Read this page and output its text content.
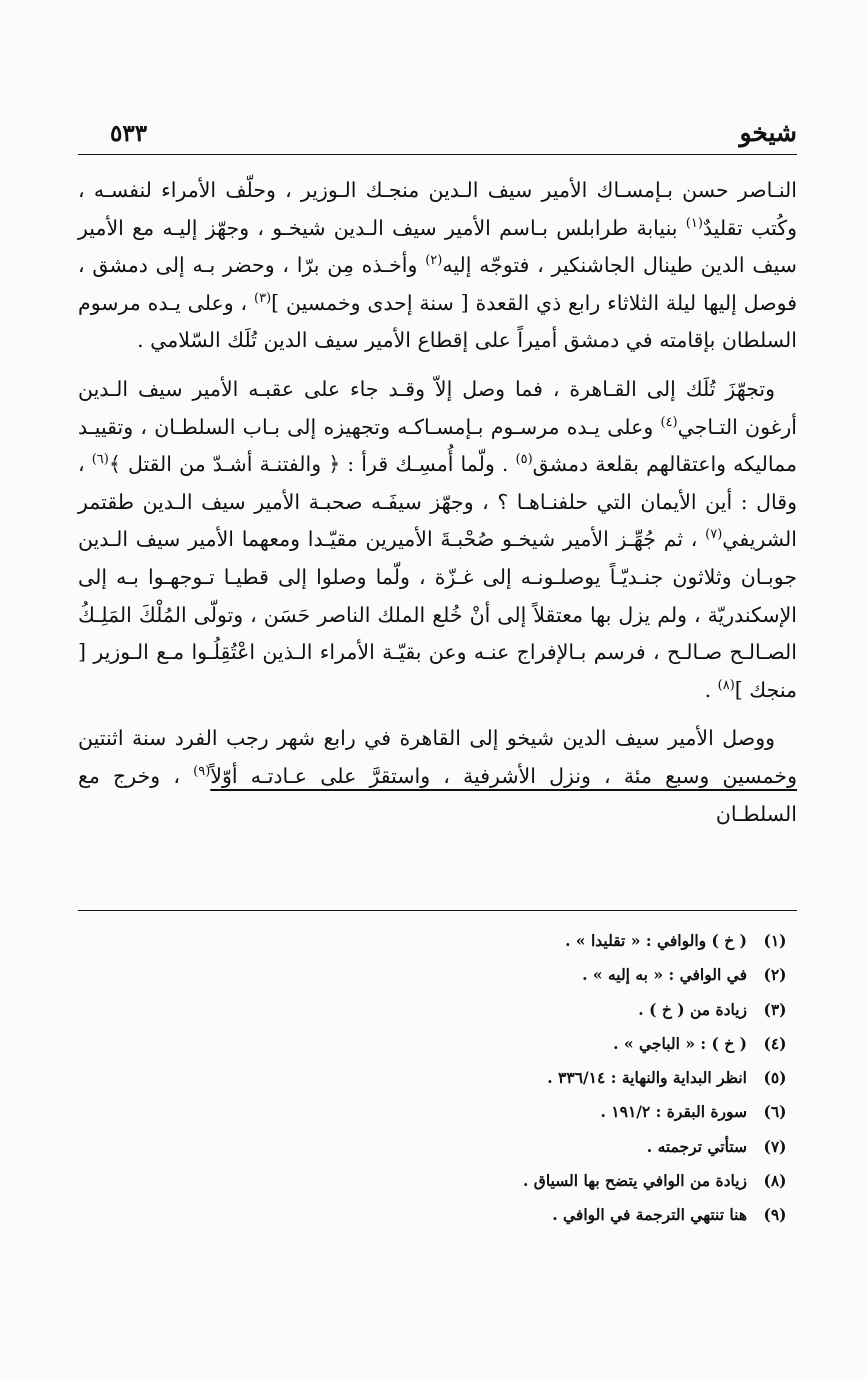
شيخو
٥٣٣

النـاصر حسن بـإمسـاك الأمير سيف الـدين منجـك الـوزير ، وحلّف الأمراء لنفسـه ، وكُتب تقليدٌ$^{(١)}$ بنيابة طرابلس بـاسم الأمير سيف الـدين شيخـو ، وجهّز إليـه مع الأمير سيف الدين طينال الجاشنكير ، فتوجّه إليه$^{(٢)}$ وأخـذه مِن برّا ، وحضر بـه إلى دمشق ، فوصل إليها ليلة الثلاثاء رابع ذي القعدة [ سنة إحدى وخمسين ]$^{(٣)}$ ، وعلى يـده مرسوم السلطان بإقامته في دمشق أميراً على إقطاع الأمير سيف الدين تُلَك السّلامي .

وتجهّزَ تُلَك إلى القـاهرة ، فما وصل إلاّ وقـد جاء على عقبـه الأمير سيف الـدين أرغون التـاجي$^{(٤)}$ وعلى يـده مرسـوم بـإمسـاكـه وتجهيزه إلى بـاب السلطـان ، وتقييـد مماليكه واعتقالهم بقلعة دمشق$^{(٥)}$ . ولّما أُمسِـك قرأ : ﴿ والفتنـة أشـدّ من القتل ﴾$^{(٦)}$ ، وقال : أين الأيمان التي حلفنـاهـا ؟ ، وجهّز سيفَـه صحبـة الأمير سيف الـدين طقتمر الشريفي$^{(٧)}$ ، ثم جُهِّـز الأمير شيخـو صُحْبـةَ الأميرين مقيّـدا ومعهما الأمير سيف الـدين جوبـان وثلاثون جنـديّـاً يوصلـونـه إلى غـزّة ، ولّما وصلوا إلى قطيـا تـوجهـوا بـه إلى الإسكندريّة ، ولم يزل بها معتقلاً إلى أنْ خُلع الملك الناصر حَسَن ، وتولّى المُلْكَ المَلِـكُ الصـالـح صـالـح ، فرسم بـالإفراج عنـه وعن بقيّـة الأمراء الـذين اعْتُقِلُـوا مـع الـوزير [ منجك ]$^{(٨)}$ .

ووصل الأمير سيف الدين شيخو إلى القاهرة في رابع شهر رجب الفرد سنة اثنتين وخمسين وسبع مئة ، ونزل الأشرفية ، واستقرَّ على عـادتـه أوّلاً$^{(٩)}$ ، وخرج مع السلطـان

(١)
( خ ) والوافي : « تقليدا » .
(٢)
في الوافي : « به إليه » .
(٣)
زيادة من ( خ ) .
(٤)
( خ ) : « الباجي » .
(٥)
انظر البداية والنهاية : ٣٣٦/١٤ .
(٦)
سورة البقرة : ١٩١/٢ .
(٧)
ستأتي ترجمته .
(٨)
زيادة من الوافي يتضح بها السياق .
(٩)
هنا تنتهي الترجمة في الوافي .
